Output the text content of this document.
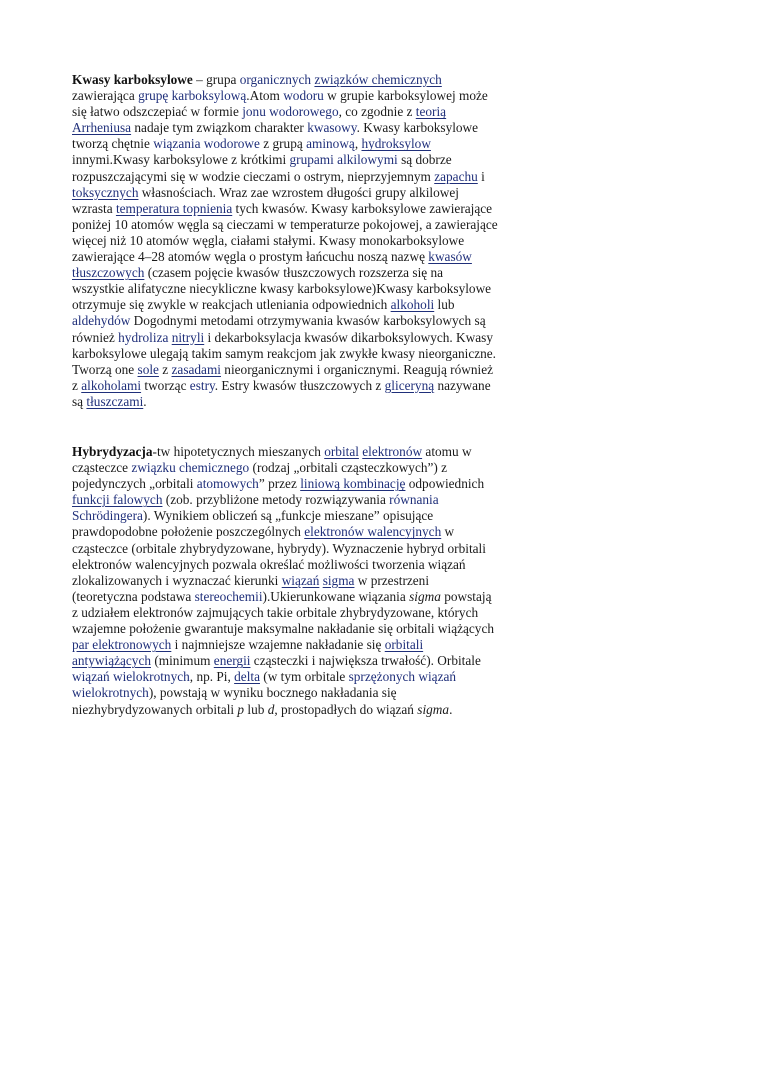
Kwasy karboksylowe – grupa organicznych związków chemicznych
zawierająca grupę karboksylową.Atom wodoru w grupie karboksylowej może
się łatwo odszczepiać w formie jonu wodorowego, co zgodnie z teorią
Arrheniusa nadaje tym związkom charakter kwasowy. Kwasy karboksylowe
tworzą chętnie wiązania wodorowe z grupą aminową, hydroksylow
innymi.Kwasy karboksylowe z krótkimi grupami alkilowymi są dobrze
rozpuszczającymi się w wodzie cieczami o ostrym, nieprzyjemnym zapachu i
toksycznych własnościach. Wraz zae wzrostem długości grupy alkilowej
wzrasta temperatura topnienia tych kwasów. Kwasy karboksylowe zawierające
poniżej 10 atomów węgla są cieczami w temperaturze pokojowej, a zawierające
więcej niż 10 atomów węgla, ciałami stałymi. Kwasy monokarboksylowe
zawierające 4–28 atomów węgla o prostym łańcuchu noszą nazwę kwasów
tłuszczowych (czasem pojęcie kwasów tłuszczowych rozszerza się na
wszystkie alifatyczne niecykliczne kwasy karboksylowe)Kwasy karboksylowe
otrzymuje się zwykle w reakcjach utleniania odpowiednich alkoholi lub
aldehydów Dogodnymi metodami otrzymywania kwasów karboksylowych są
również hydroliza nitryli i dekarboksylacja kwasów dikarboksylowych. Kwasy
karboksylowe ulegają takim samym reakcjom jak zwykłe kwasy nieorganiczne.
Tworzą one sole z zasadami nieorganicznymi i organicznymi. Reagują również
z alkoholami tworząc estry. Estry kwasów tłuszczowych z gliceryną nazywane
są tłuszczami.

Hybrydyzacja-tw hipotetycznych mieszanych orbital elektronów atomu w
cząsteczce związku chemicznego (rodzaj „orbitali cząsteczkowych”) z
pojedynczych „orbitali atomowych” przez liniową kombinację odpowiednich
funkcji falowych (zob. przybliżone metody rozwiązywania równania
Schrödingera). Wynikiem obliczeń są „funkcje mieszane” opisujące
prawdopodobne położenie poszczególnych elektronów walencyjnych w
cząsteczce (orbitale zhybrydyzowane, hybrydy). Wyznaczenie hybryd orbitali
elektronów walencyjnych pozwala określać możliwości tworzenia wiązań
zlokalizowanych i wyznaczać kierunki wiązań sigma w przestrzeni
(teoretyczna podstawa stereochemii).Ukierunkowane wiązania sigma powstają
z udziałem elektronów zajmujących takie orbitale zhybrydyzowane, których
wzajemne położenie gwarantuje maksymalne nakładanie się orbitali wiążących
par elektronowych i najmniejsze wzajemne nakładanie się orbitali
antywiążących (minimum energii cząsteczki i największa trwałość). Orbitale
wiązań wielokrotnych, np. Pi, delta (w tym orbitale sprzężonych wiązań
wielokrotnych), powstają w wyniku bocznego nakładania się
niezhybrydyzowanych orbitali p lub d, prostopadłych do wiązań sigma.
